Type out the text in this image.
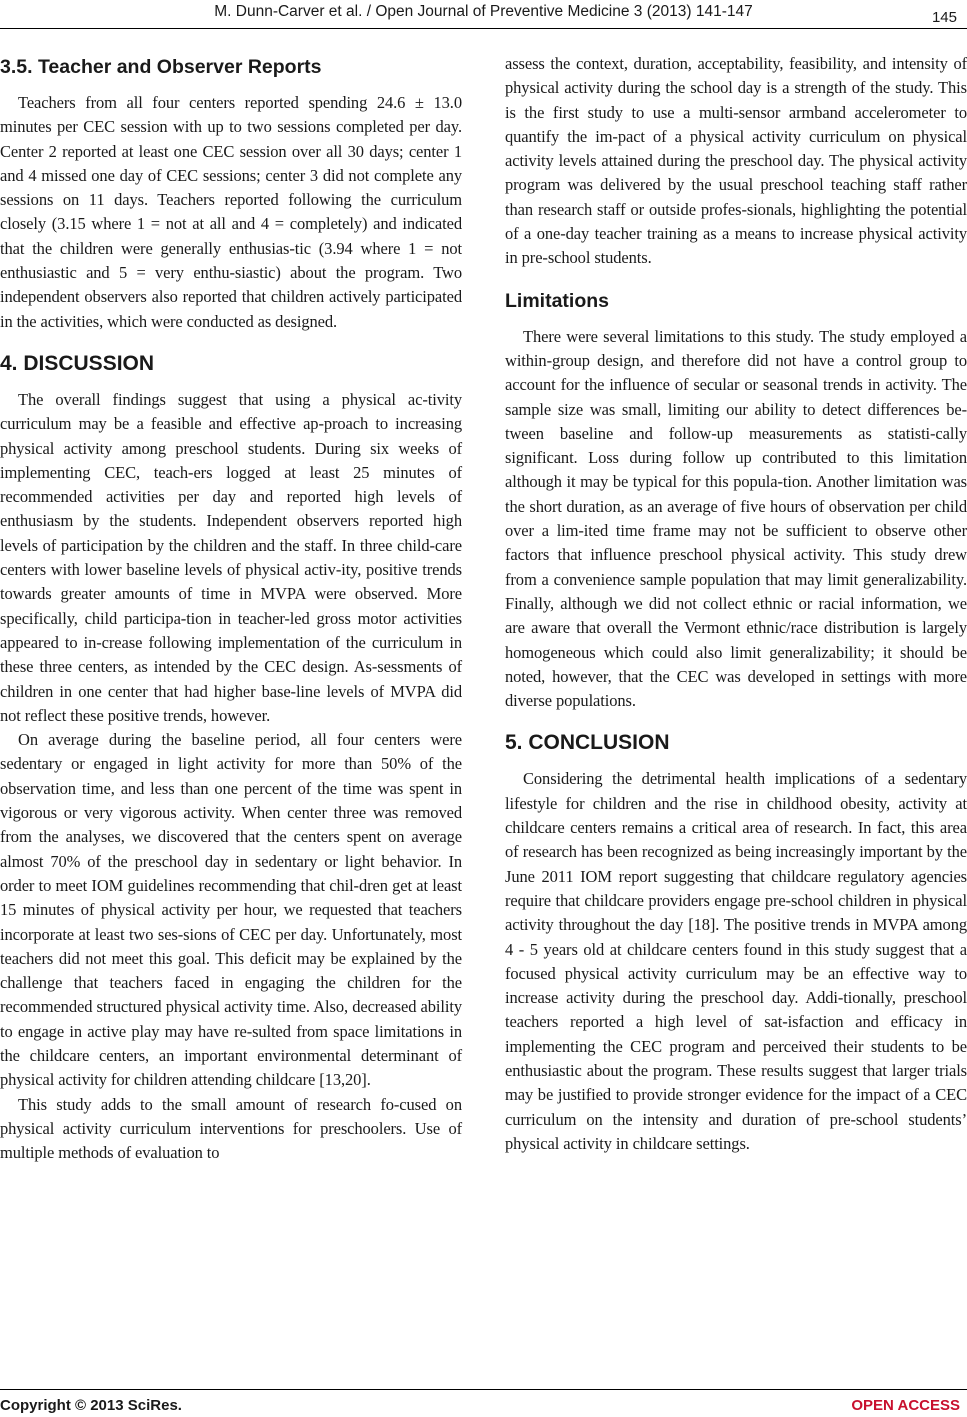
M. Dunn-Carver et al. / Open Journal of Preventive Medicine 3 (2013) 141-147	145
3.5. Teacher and Observer Reports

Teachers from all four centers reported spending 24.6 ± 13.0 minutes per CEC session with up to two sessions completed per day. Center 2 reported at least one CEC session over all 30 days; center 1 and 4 missed one day of CEC sessions; center 3 did not complete any sessions on 11 days. Teachers reported following the curriculum closely (3.15 where 1 = not at all and 4 = completely) and indicated that the children were generally enthusias-tic (3.94 where 1 = not enthusiastic and 5 = very enthu-siastic) about the program. Two independent observers also reported that children actively participated in the activities, which were conducted as designed.

4. DISCUSSION

The overall findings suggest that using a physical ac-tivity curriculum may be a feasible and effective ap-proach to increasing physical activity among preschool students. During six weeks of implementing CEC, teach-ers logged at least 25 minutes of recommended activities per day and reported high levels of enthusiasm by the students. Independent observers reported high levels of participation by the children and the staff. In three child-care centers with lower baseline levels of physical activ-ity, positive trends towards greater amounts of time in MVPA were observed. More specifically, child participa-tion in teacher-led gross motor activities appeared to in-crease following implementation of the curriculum in these three centers, as intended by the CEC design. As-sessments of children in one center that had higher base-line levels of MVPA did not reflect these positive trends, however.

On average during the baseline period, all four centers were sedentary or engaged in light activity for more than 50% of the observation time, and less than one percent of the time was spent in vigorous or very vigorous activity. When center three was removed from the analyses, we discovered that the centers spent on average almost 70% of the preschool day in sedentary or light behavior. In order to meet IOM guidelines recommending that chil-dren get at least 15 minutes of physical activity per hour, we requested that teachers incorporate at least two ses-sions of CEC per day. Unfortunately, most teachers did not meet this goal. This deficit may be explained by the challenge that teachers faced in engaging the children for the recommended structured physical activity time. Also, decreased ability to engage in active play may have re-sulted from space limitations in the childcare centers, an important environmental determinant of physical activity for children attending childcare [13,20].

This study adds to the small amount of research fo-cused on physical activity curriculum interventions for preschoolers. Use of multiple methods of evaluation to

assess the context, duration, acceptability, feasibility, and intensity of physical activity during the school day is a strength of the study. This is the first study to use a multi-sensor armband accelerometer to quantify the im-pact of a physical activity curriculum on physical activity levels attained during the preschool day. The physical activity program was delivered by the usual preschool teaching staff rather than research staff or outside profes-sionals, highlighting the potential of a one-day teacher training as a means to increase physical activity in pre-school students.

Limitations

There were several limitations to this study. The study employed a within-group design, and therefore did not have a control group to account for the influence of secular or seasonal trends in activity. The sample size was small, limiting our ability to detect differences be-tween baseline and follow-up measurements as statisti-cally significant. Loss during follow up contributed to this limitation although it may be typical for this popula-tion. Another limitation was the short duration, as an average of five hours of observation per child over a lim-ited time frame may not be sufficient to observe other factors that influence preschool physical activity. This study drew from a convenience sample population that may limit generalizability. Finally, although we did not collect ethnic or racial information, we are aware that overall the Vermont ethnic/race distribution is largely homogeneous which could also limit generalizability; it should be noted, however, that the CEC was developed in settings with more diverse populations.

5. CONCLUSION

Considering the detrimental health implications of a sedentary lifestyle for children and the rise in childhood obesity, activity at childcare centers remains a critical area of research. In fact, this area of research has been recognized as being increasingly important by the June 2011 IOM report suggesting that childcare regulatory agencies require that childcare providers engage pre-school children in physical activity throughout the day [18]. The positive trends in MVPA among 4 - 5 years old at childcare centers found in this study suggest that a focused physical activity curriculum may be an effective way to increase activity during the preschool day. Addi-tionally, preschool teachers reported a high level of sat-isfaction and efficacy in implementing the CEC program and perceived their students to be enthusiastic about the program. These results suggest that larger trials may be justified to provide stronger evidence for the impact of a CEC curriculum on the intensity and duration of pre-school students’ physical activity in childcare settings.

Copyright © 2013 SciRes.	OPEN ACCESS
